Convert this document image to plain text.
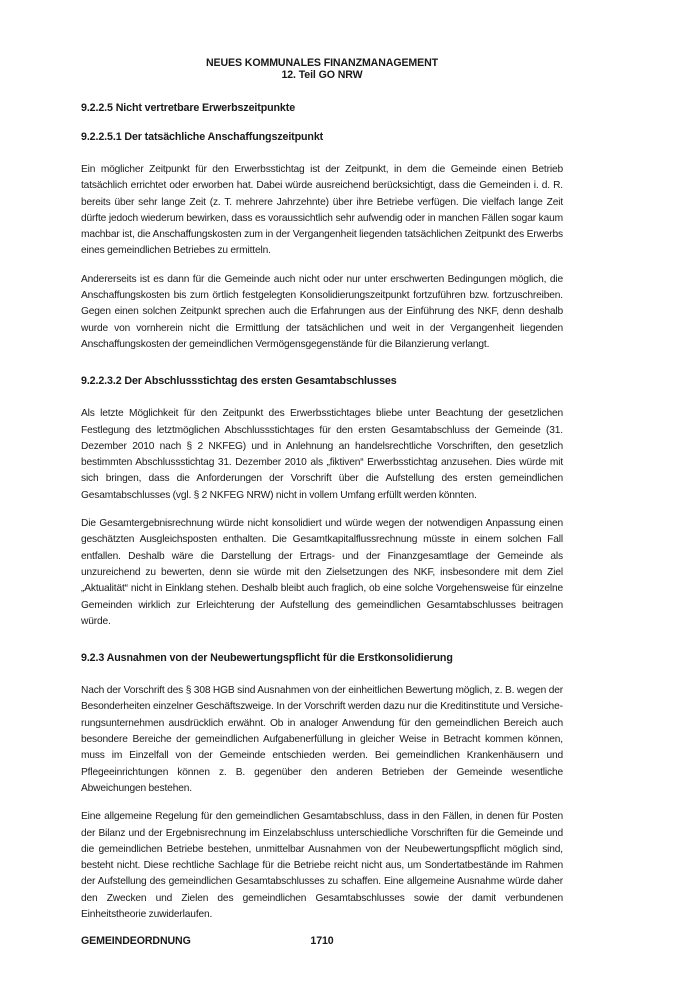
NEUES KOMMUNALES FINANZMANAGEMENT
12. Teil GO NRW
9.2.2.5 Nicht vertretbare Erwerbszeitpunkte
9.2.2.5.1 Der tatsächliche Anschaffungszeitpunkt
Ein möglicher Zeitpunkt für den Erwerbsstichtag ist der Zeitpunkt, in dem die Gemeinde einen Betrieb tatsächlich errichtet oder erworben hat. Dabei würde ausreichend berücksichtigt, dass die Gemeinden i. d. R. bereits über sehr lange Zeit (z. T. mehrere Jahrzehnte) über ihre Betriebe verfügen. Die vielfach lange Zeit dürfte jedoch wiederum bewirken, dass es voraussichtlich sehr aufwendig oder in manchen Fällen sogar kaum machbar ist, die Anschaffungskosten zum in der Vergangenheit liegenden tatsächlichen Zeitpunkt des Erwerbs eines gemeindlichen Betriebes zu ermitteln.
Andererseits ist es dann für die Gemeinde auch nicht oder nur unter erschwerten Bedingungen möglich, die Anschaffungskosten bis zum örtlich festgelegten Konsolidierungszeitpunkt fortzuführen bzw. fortzuschreiben. Gegen einen solchen Zeitpunkt sprechen auch die Erfahrungen aus der Einführung des NKF, denn deshalb wurde von vornherein nicht die Ermittlung der tatsächlichen und weit in der Vergangenheit liegenden Anschaffungskosten der gemeindlichen Vermögensgegenstände für die Bilanzierung verlangt.
9.2.2.3.2 Der Abschlussstichtag des ersten Gesamtabschlusses
Als letzte Möglichkeit für den Zeitpunkt des Erwerbsstichtages bliebe unter Beachtung der gesetzlichen Festlegung des letztmöglichen Abschlussstichtages für den ersten Gesamtabschluss der Gemeinde (31. Dezember 2010 nach § 2 NKFEG) und in Anlehnung an handelsrechtliche Vorschriften, den gesetzlich bestimmten Abschlussstichtag 31. Dezember 2010 als „fiktiven“ Erwerbsstichtag anzusehen. Dies würde mit sich bringen, dass die Anforderungen der Vorschrift über die Aufstellung des ersten gemeindlichen Gesamtabschlusses (vgl. § 2 NKFEG NRW) nicht in vollem Umfang erfüllt werden könnten.
Die Gesamtergebnisrechnung würde nicht konsolidiert und würde wegen der notwendigen Anpassung einen geschätzten Ausgleichsposten enthalten. Die Gesamtkapitalflussrechnung müsste in einem solchen Fall entfallen. Deshalb wäre die Darstellung der Ertrags- und der Finanzgesamtlage der Gemeinde als unzureichend zu bewerten, denn sie würde mit den Zielsetzungen des NKF, insbesondere mit dem Ziel „Aktualität“ nicht in Einklang stehen. Deshalb bleibt auch fraglich, ob eine solche Vorgehensweise für einzelne Gemeinden wirklich zur Erleichterung der Aufstellung des gemeindlichen Gesamtabschlusses beitragen würde.
9.2.3 Ausnahmen von der Neubewertungspflicht für die Erstkonsolidierung
Nach der Vorschrift des § 308 HGB sind Ausnahmen von der einheitlichen Bewertung möglich, z. B. wegen der Besonderheiten einzelner Geschäftszweige. In der Vorschrift werden dazu nur die Kreditinstitute und Versicherungsunternehmen ausdrücklich erwähnt. Ob in analoger Anwendung für den gemeindlichen Bereich auch besondere Bereiche der gemeindlichen Aufgabenerfüllung in gleicher Weise in Betracht kommen können, muss im Einzelfall von der Gemeinde entschieden werden. Bei gemeindlichen Krankenhäusern und Pflegeeinrichtungen können z. B. gegenüber den anderen Betrieben der Gemeinde wesentliche Abweichungen bestehen.
Eine allgemeine Regelung für den gemeindlichen Gesamtabschluss, dass in den Fällen, in denen für Posten der Bilanz und der Ergebnisrechnung im Einzelabschluss unterschiedliche Vorschriften für die Gemeinde und die gemeindlichen Betriebe bestehen, unmittelbar Ausnahmen von der Neubewertungspflicht möglich sind, besteht nicht. Diese rechtliche Sachlage für die Betriebe reicht nicht aus, um Sondertatbestände im Rahmen der Aufstellung des gemeindlichen Gesamtabschlusses zu schaffen. Eine allgemeine Ausnahme würde daher den Zwecken und Zielen des gemeindlichen Gesamtabschlusses sowie der damit verbundenen Einheitstheorie zuwiderlaufen.
GEMEINDEORDNUNG	1710
